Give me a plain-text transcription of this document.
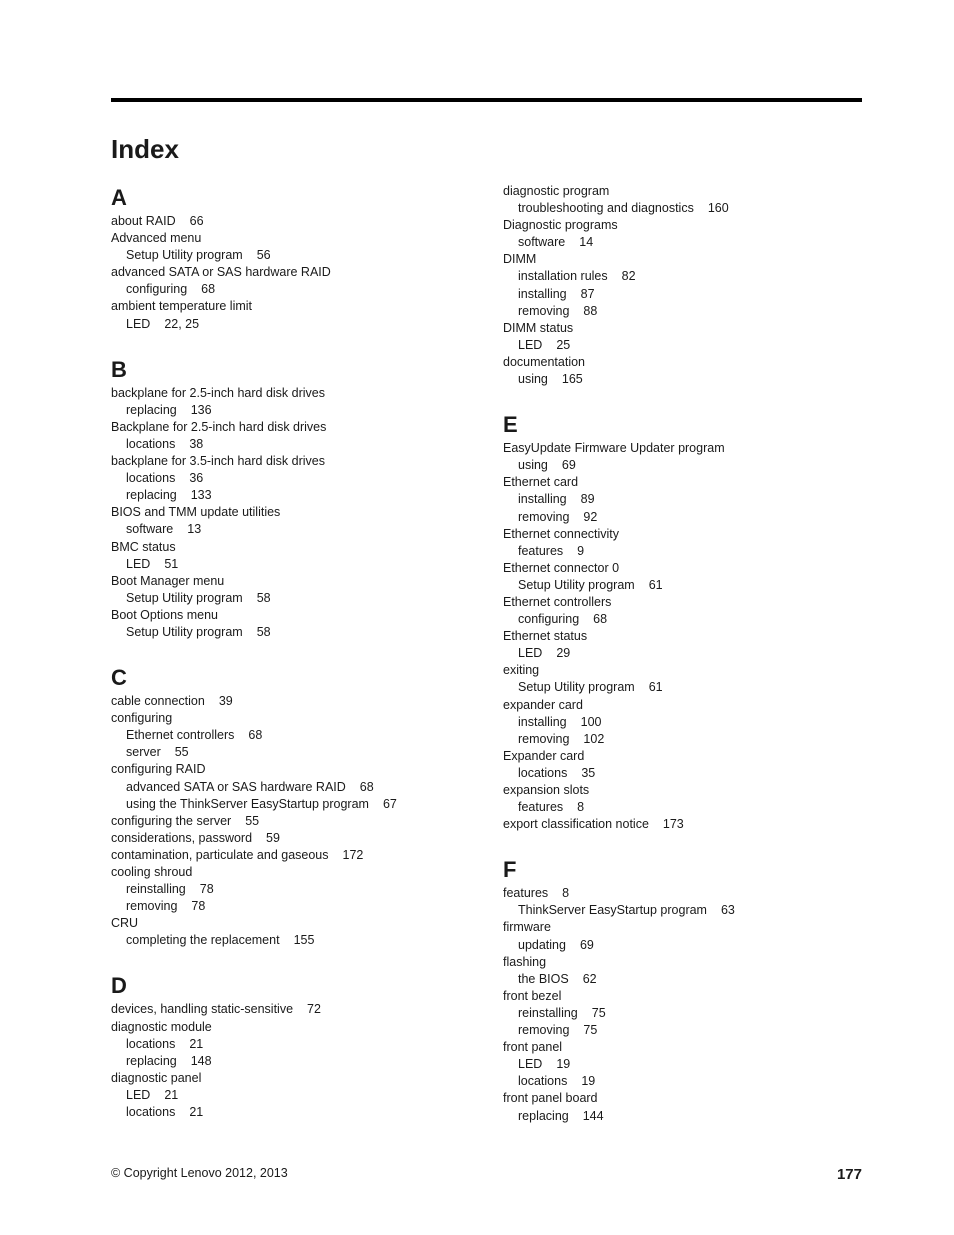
Index
A
about RAID 66
Advanced menu
Setup Utility program 56
advanced SATA or SAS hardware RAID
configuring 68
ambient temperature limit
LED 22, 25
B
backplane for 2.5-inch hard disk drives
replacing 136
Backplane for 2.5-inch hard disk drives
locations 38
backplane for 3.5-inch hard disk drives
locations 36
replacing 133
BIOS and TMM update utilities
software 13
BMC status
LED 51
Boot Manager menu
Setup Utility program 58
Boot Options menu
Setup Utility program 58
C
cable connection 39
configuring
Ethernet controllers 68
server 55
configuring RAID
advanced SATA or SAS hardware RAID 68
using the ThinkServer EasyStartup program 67
configuring the server 55
considerations, password 59
contamination, particulate and gaseous 172
cooling shroud
reinstalling 78
removing 78
CRU
completing the replacement 155
D
devices, handling static-sensitive 72
diagnostic module
locations 21
replacing 148
diagnostic panel
LED 21
locations 21
diagnostic program
troubleshooting and diagnostics 160
Diagnostic programs
software 14
DIMM
installation rules 82
installing 87
removing 88
DIMM status
LED 25
documentation
using 165
E
EasyUpdate Firmware Updater program
using 69
Ethernet card
installing 89
removing 92
Ethernet connectivity
features 9
Ethernet connector 0
Setup Utility program 61
Ethernet controllers
configuring 68
Ethernet status
LED 29
exiting
Setup Utility program 61
expander card
installing 100
removing 102
Expander card
locations 35
expansion slots
features 8
export classification notice 173
F
features 8
ThinkServer EasyStartup program 63
firmware
updating 69
flashing
the BIOS 62
front bezel
reinstalling 75
removing 75
front panel
LED 19
locations 19
front panel board
replacing 144
© Copyright Lenovo 2012, 2013	177
